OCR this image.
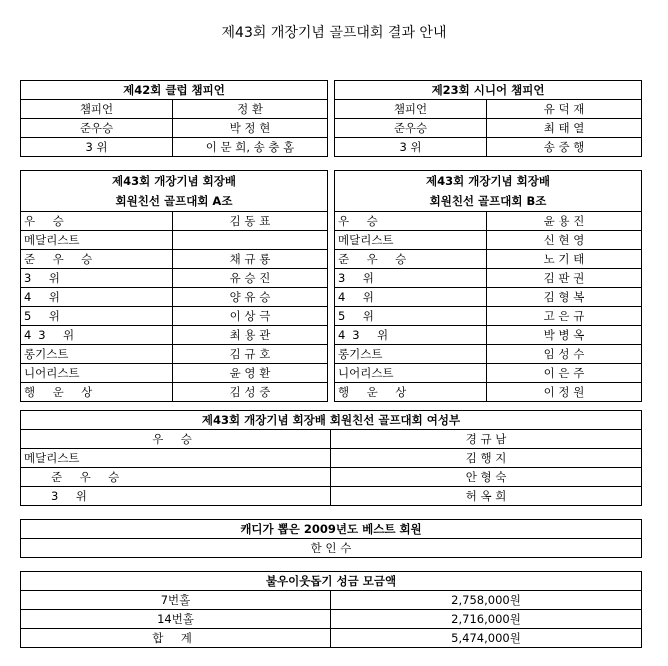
제43회 개장기념 골프대회 결과 안내
제42회 클럽 챔피언	
챔피언	정 환
준우승	박 정 현
3 위	이 문 희, 송 충 홈
제23회 시니어 챔피언	
챔피언	유 덕 재
준우승	최 태 열
3 위	송 중 행
제43회 개장기념 회장배	
회원친선 골프대회 A조	
우 승	김 동 표
메달리스트	
준 우 승	채 규 룡
3 위	유 승 진
4 위	양 유 승
5 위	이 상 극
43 위	최 용 관
롱기스트	김 규 호
니어리스트	윤 영 환
행 운 상	김 성 중
제43회 개장기념 회장배	
회원친선 골프대회 B조	
우 승	윤 용 진
메달리스트	신 현 영
준 우 승	노 기 태
3 위	김 판 권
4 위	김 형 복
5 위	고 은 규
43 위	박 병 옥
롱기스트	임 성 수
니어리스트	이 은 주
행 운 상	이 정 원
제43회 개장기념 회장배 회원친선 골프대회 여성부	
우 승	경 규 남
메달리스트	김 행 지
준 우 승	안 형 숙
3 위	허 옥 희
캐디가 뽑은 2009년도 베스트 회원
한 인 수
불우이웃돕기 성금 모금액	
7번홀	2,758,000원
14번홀	2,716,000원
합 계	5,474,000원
